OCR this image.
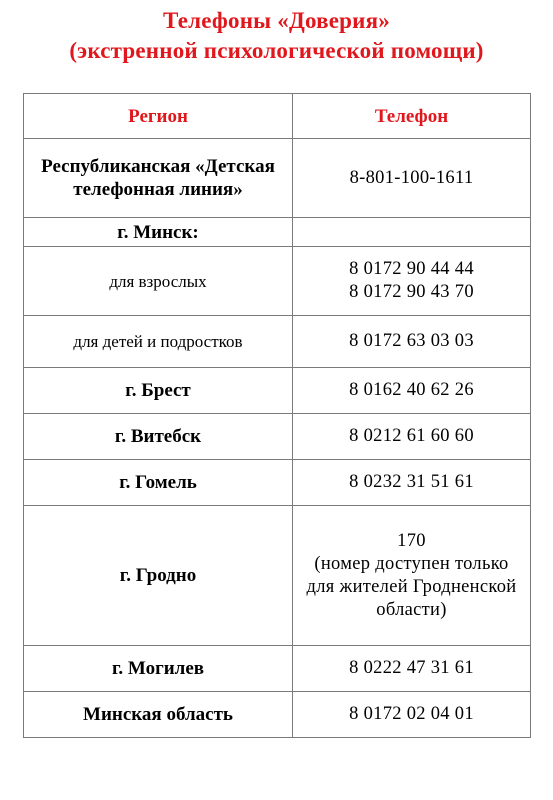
Телефоны «Доверия»
(экстренной психологической помощи)
Регион	Телефон
Республиканская «Детская телефонная линия»	8-801-100-1611

г. Минск:	
для взрослых	8 0172 90 44 44
8 0172 90 43 70

для детей и подростков	8 0172 63 03 03

г. Брест	8 0162 40 62 26

г. Витебск	8 0212 61 60 60

г. Гомель	8 0232 31 51 61

г. Гродно	170
(номер доступен только для жителей Гродненской области)

г. Могилев	8 0222 47 31 61

Минская область	8 0172 02 04 01
